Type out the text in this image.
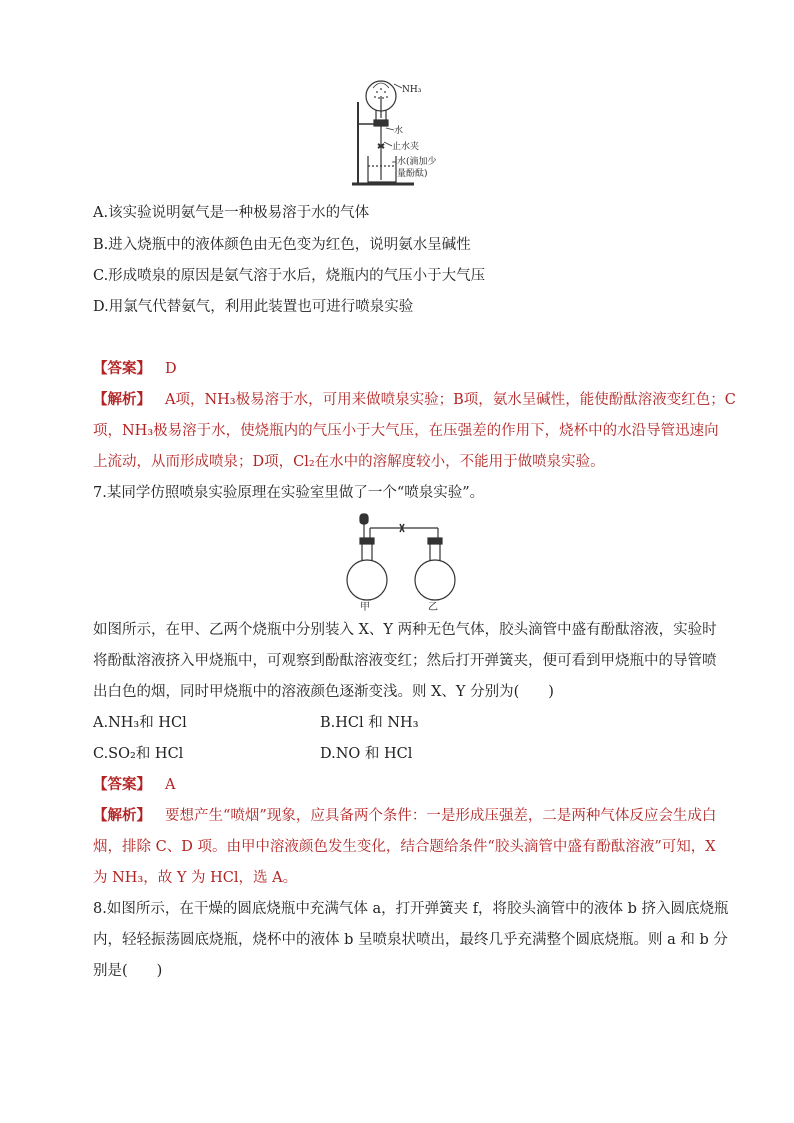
NH₃
水
止水夹
水(滴加少
量酚酞)
A.该实验说明氨气是一种极易溶于水的气体
B.进入烧瓶中的液体颜色由无色变为红色，说明氨水呈碱性
C.形成喷泉的原因是氨气溶于水后，烧瓶内的气压小于大气压
D.用氯气代替氨气，利用此装置也可进行喷泉实验
【答案】 D
【解析】 A项，NH₃极易溶于水，可用来做喷泉实验；B项，氨水呈碱性，能使酚酞溶液变红色；C
项，NH₃极易溶于水，使烧瓶内的气压小于大气压，在压强差的作用下，烧杯中的水沿导管迅速向
上流动，从而形成喷泉；D项，Cl₂在水中的溶解度较小，不能用于做喷泉实验。
7.某同学仿照喷泉实验原理在实验室里做了一个“喷泉实验”。
甲	乙
如图所示，在甲、乙两个烧瓶中分别装入 X、Y 两种无色气体，胶头滴管中盛有酚酞溶液，实验时
将酚酞溶液挤入甲烧瓶中，可观察到酚酞溶液变红；然后打开弹簧夹，便可看到甲烧瓶中的导管喷
出白色的烟，同时甲烧瓶中的溶液颜色逐渐变浅。则 X、Y 分别为(　　)
A.NH₃和 HCl	B.HCl 和 NH₃
C.SO₂和 HCl	D.NO 和 HCl
【答案】 A
【解析】 要想产生“喷烟”现象，应具备两个条件：一是形成压强差，二是两种气体反应会生成白
烟，排除 C、D 项。由甲中溶液颜色发生变化，结合题给条件“胶头滴管中盛有酚酞溶液”可知，X
为 NH₃，故 Y 为 HCl，选 A。
8.如图所示，在干燥的圆底烧瓶中充满气体 a，打开弹簧夹 f，将胶头滴管中的液体 b 挤入圆底烧瓶
内，轻轻振荡圆底烧瓶，烧杯中的液体 b 呈喷泉状喷出，最终几乎充满整个圆底烧瓶。则 a 和 b 分
别是(　　)
